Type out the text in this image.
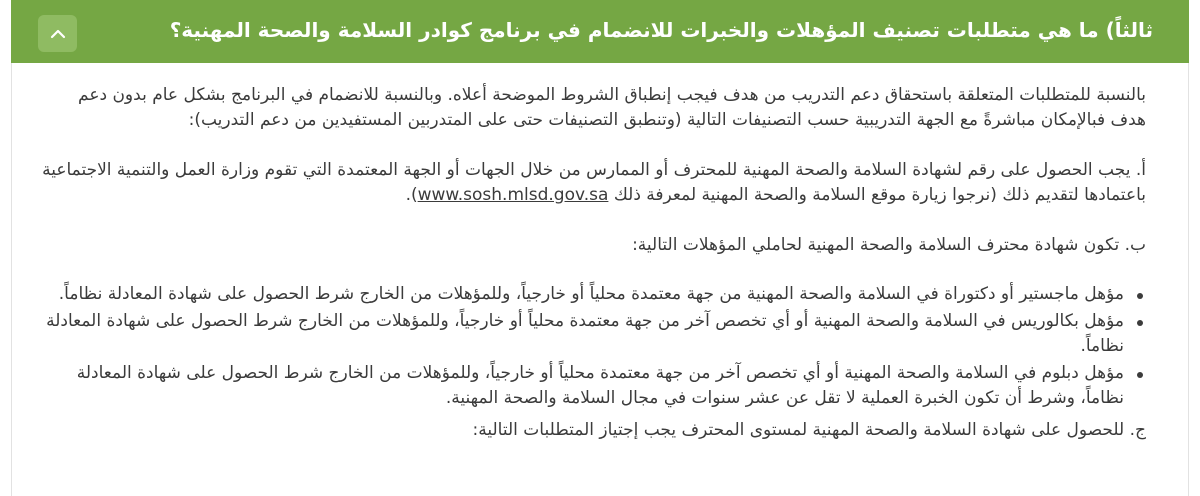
ثالثاً) ما هي متطلبات تصنيف المؤهلات والخبرات للانضمام في برنامج كوادر السلامة والصحة المهنية؟

بالنسبة للمتطلبات المتعلقة باستحقاق دعم التدريب من هدف فيجب إنطباق الشروط الموضحة أعلاه. وبالنسبة للانضمام في البرنامج بشكل عام بدون دعم هدف فبالإمكان مباشرةً مع الجهة التدريبية حسب التصنيفات التالية (وتنطبق التصنيفات حتى على المتدربين المستفيدين من دعم التدريب):

أ. يجب الحصول على رقم لشهادة السلامة والصحة المهنية للمحترف أو الممارس من خلال الجهات أو الجهة المعتمدة التي تقوم وزارة العمل والتنمية الاجتماعية باعتمادها لتقديم ذلك (نرجوا زيارة موقع السلامة والصحة المهنية لمعرفة ذلك www.sosh.mlsd.gov.sa).

ب. تكون شهادة محترف السلامة والصحة المهنية لحاملي المؤهلات التالية:

مؤهل ماجستير أو دكتوراة في السلامة والصحة المهنية من جهة معتمدة محلياً أو خارجياً، وللمؤهلات من الخارج شرط الحصول على شهادة المعادلة نظاماً.
مؤهل بكالوريس في السلامة والصحة المهنية أو أي تخصص آخر من جهة معتمدة محلياً أو خارجياً، وللمؤهلات من الخارج شرط الحصول على شهادة المعادلة نظاماً.
مؤهل دبلوم في السلامة والصحة المهنية أو أي تخصص آخر من جهة معتمدة محلياً أو خارجياً، وللمؤهلات من الخارج شرط الحصول على شهادة المعادلة نظاماً، وشرط أن تكون الخبرة العملية لا تقل عن عشر سنوات في مجال السلامة والصحة المهنية.

ج. للحصول على شهادة السلامة والصحة المهنية لمستوى المحترف يجب إجتياز المتطلبات التالية:
